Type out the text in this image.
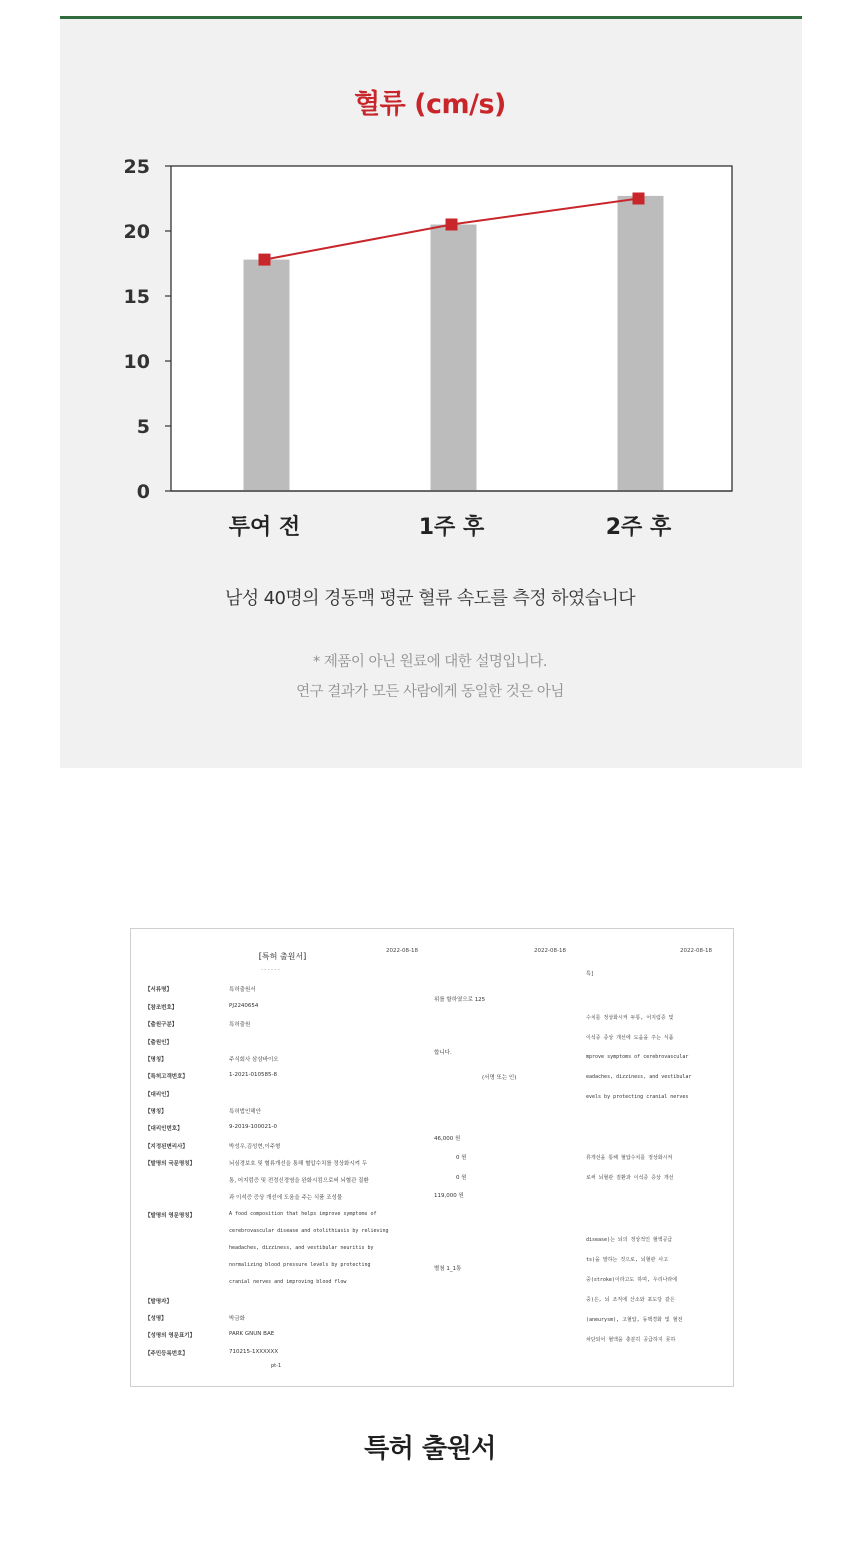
혈류 (cm/s)
0
5
10
15
20
25
투여 전	1주 후	2주 후
남성 40명의 경동맥 평균 혈류 속도를 측정 하였습니다
* 제품이 아닌 원료에 대한 설명입니다.
연구 결과가 모든 사람에게 동일한 것은 아님
2022-08-18
[특허 출원서]
- - - - - -
【서류명】	특허출원서
【참조번호】	PJ2240654
【출원구분】	특허출원
【출원인】
【명칭】	주식회사 삼삼바이오
【특허고객번호】	1-2021-010585-8
【대리인】
【명칭】	특허법인해안
【대리인번호】	9-2019-100021-0
【지정된변리사】	박성우,김성현,이주형
【발명의 국문명칭】	뇌심경보호 및 혈류개선을 통해 혈압수치를 정상화시켜 두
통, 어지럼증 및 전정신경염을 완화시킴으로써 뇌혈관 질환
과 이석증 증상 개선에 도움을 주는 식품 조성물
【발명의 영문명칭】	A food composition that helps improve symptoms of
cerebrovascular disease and otolithiasis by relieving
headaches, dizziness, and vestibular neuritis by
normalizing blood pressure levels by protecting
cranial nerves and improving blood flow
【발명자】
【성명】	박금화
【성명의 영문표기】	PARK GNUN BAE
【주민등록번호】	710215-1XXXXXX
pt-1
2022-08-18
위를 할하였으로 125
합니다.
(서명 또는 인)
46,000 원
0 원
0 원
119,000 원
별첨 1_1통
2022-08-18
특]
수치를 정상화시켜 두통, 어지럼증 및
이석증 증상 개선에 도움을 주는 식품
mprove symptoms of cerebrovascular
eadaches, dizziness, and vestibular
evels by protecting cranial nerves
류개선을 통해 혈압수치를 정상화시켜
로써 뇌혈관 질환과 이석증 증상 개선
disease)는 뇌의 정상적인 혈액공급
ts)을 말하는 것으로, 뇌혈관 사고
중(stroke)이라고도 하며, 우리나라에
중)은, 뇌 조직에 산소와 포도당 같은
(aneurysm), 고혈압, 동맥경화 및 혈전
차단되어 혈액을 충분히 공급하지 못하
특허 출원서
